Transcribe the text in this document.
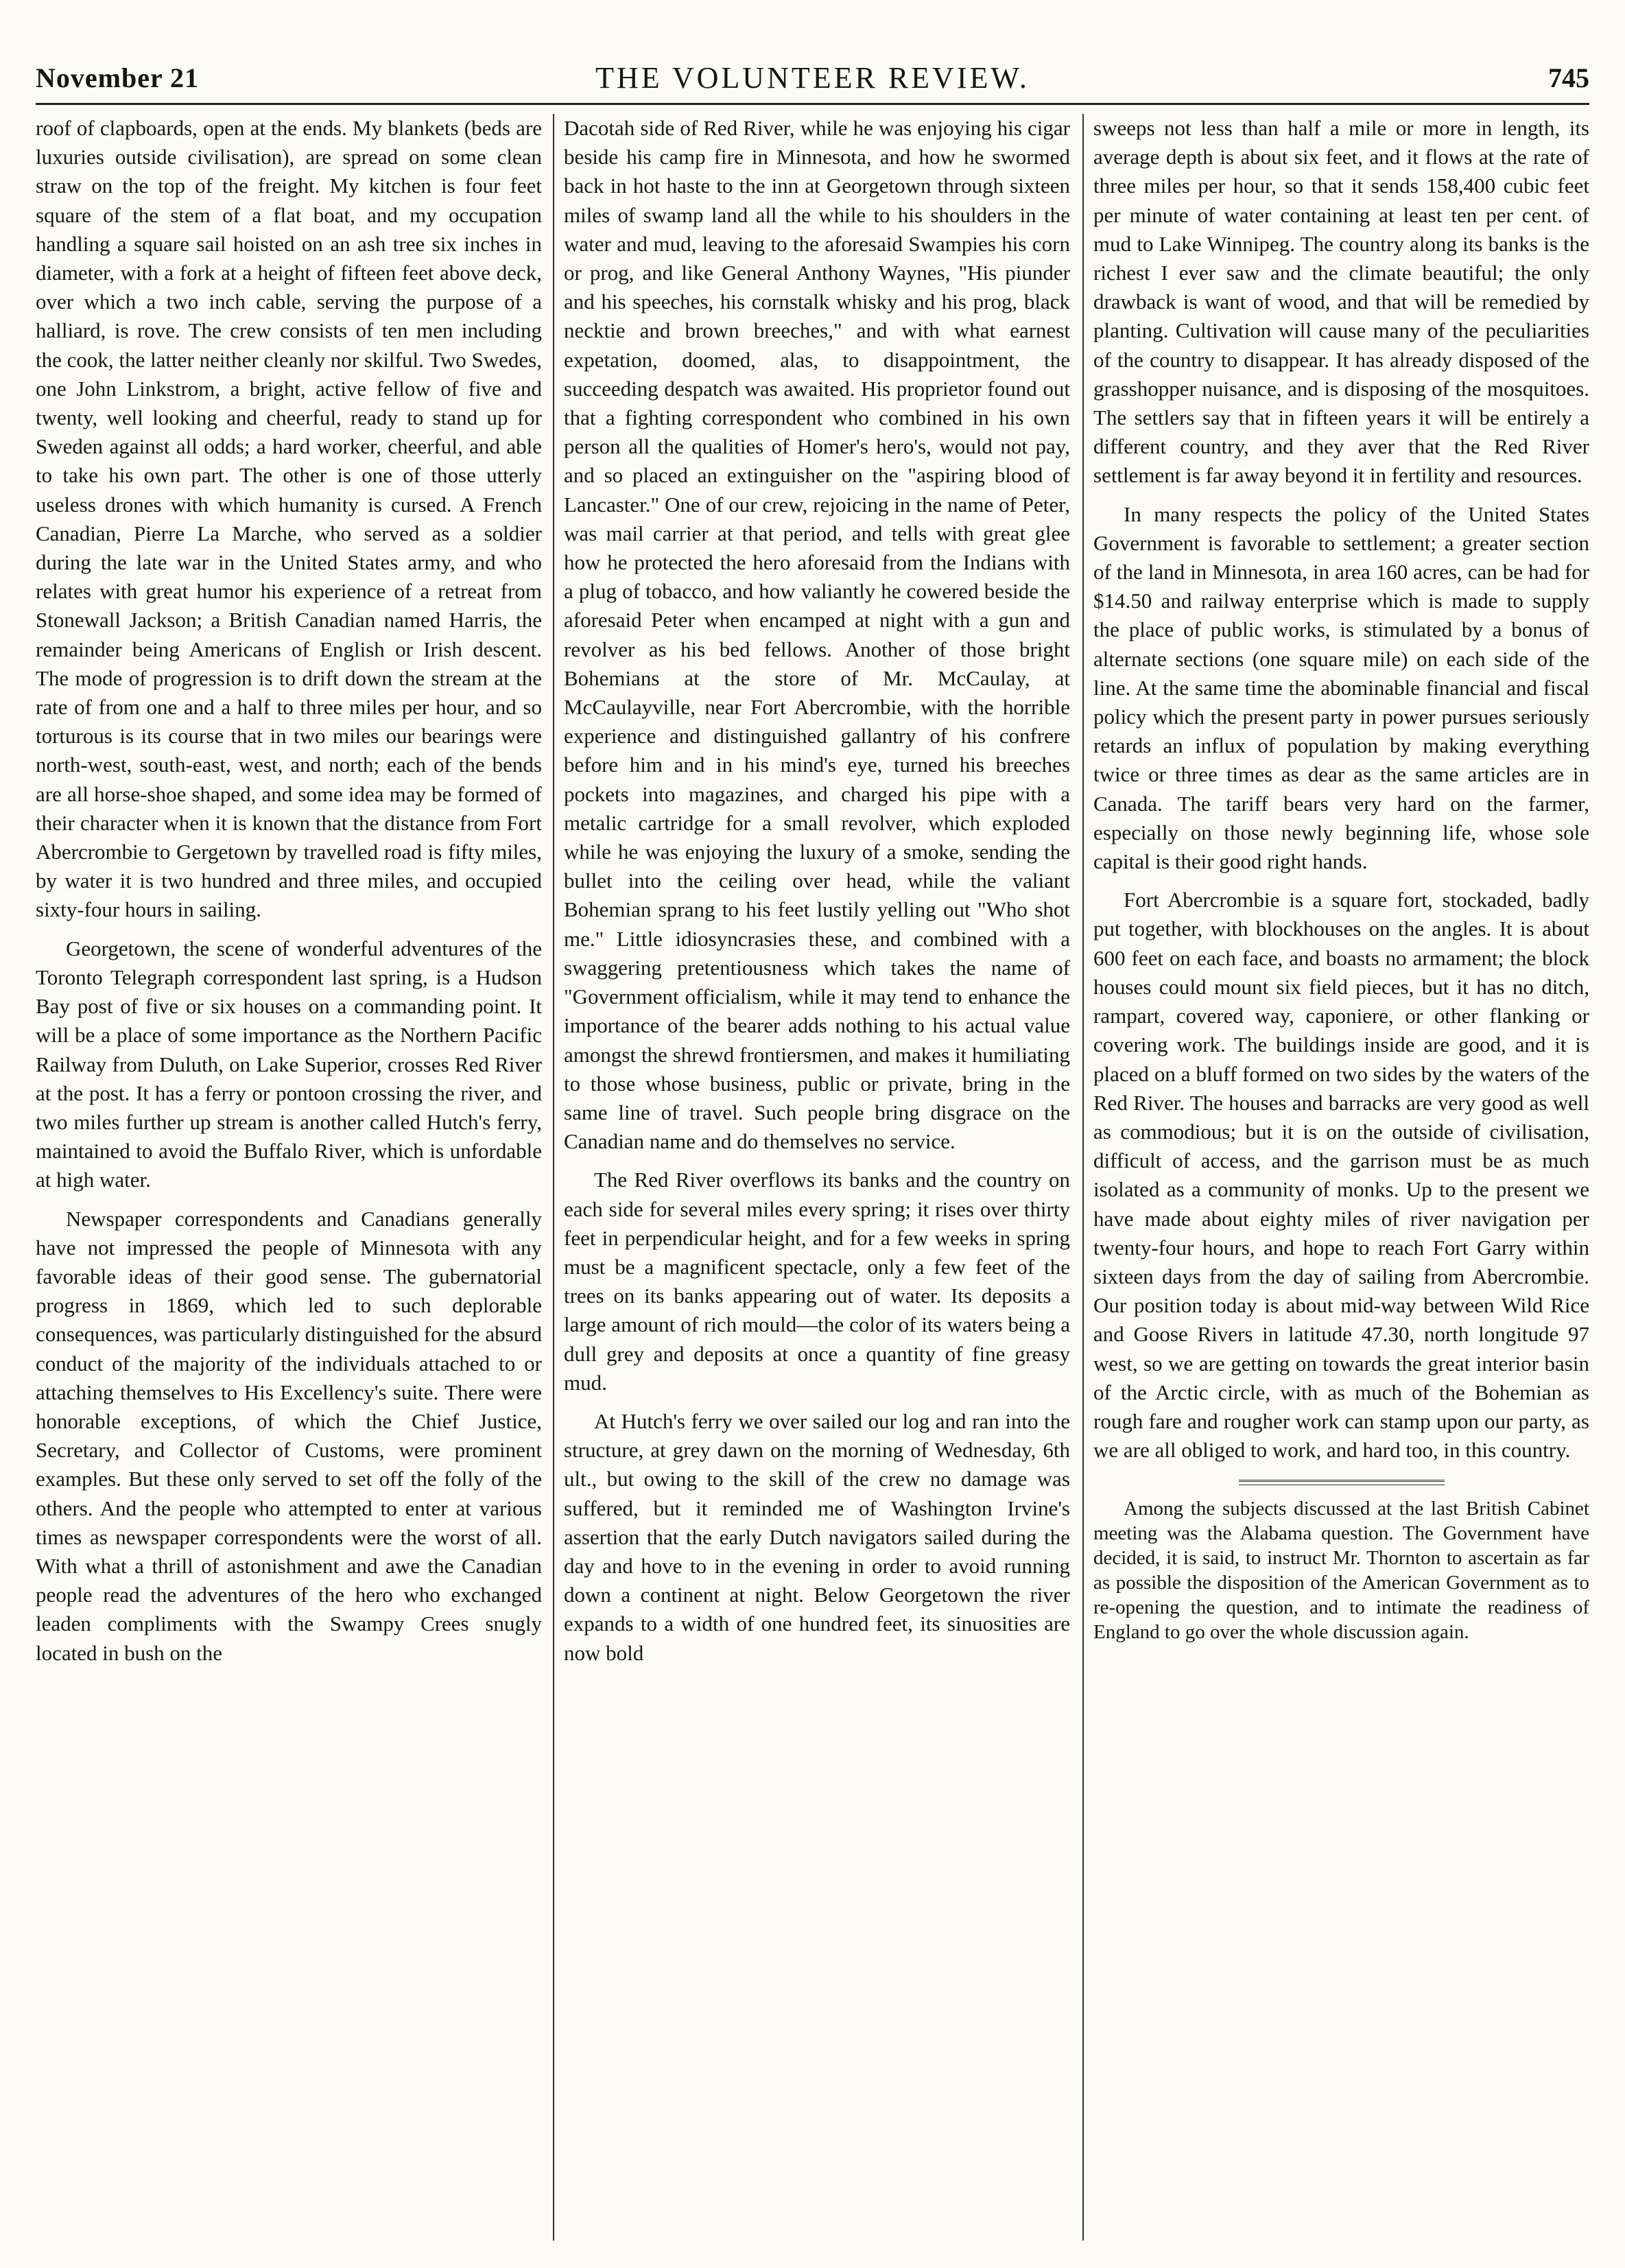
November 21	THE VOLUNTEER REVIEW.	745

roof of clapboards, open at the ends. My blankets (beds are luxuries outside civilisation), are spread on some clean straw on the top of the freight. My kitchen is four feet square of the stem of a flat boat, and my occupation handling a square sail hoisted on an ash tree six inches in diameter, with a fork at a height of fifteen feet above deck, over which a two inch cable, serving the purpose of a halliard, is rove. The crew consists of ten men including the cook, the latter neither cleanly nor skilful. Two Swedes, one John Linkstrom, a bright, active fellow of five and twenty, well looking and cheerful, ready to stand up for Sweden against all odds; a hard worker, cheerful, and able to take his own part. The other is one of those utterly useless drones with which humanity is cursed. A French Canadian, Pierre La Marche, who served as a soldier during the late war in the United States army, and who relates with great humor his experience of a retreat from Stonewall Jackson; a British Canadian named Harris, the remainder being Americans of English or Irish descent. The mode of progression is to drift down the stream at the rate of from one and a half to three miles per hour, and so torturous is its course that in two miles our bearings were north-west, south-east, west, and north; each of the bends are all horse-shoe shaped, and some idea may be formed of their character when it is known that the distance from Fort Abercrombie to Gergetown by travelled road is fifty miles, by water it is two hundred and three miles, and occupied sixty-four hours in sailing.

Georgetown, the scene of wonderful adventures of the Toronto Telegraph correspondent last spring, is a Hudson Bay post of five or six houses on a commanding point. It will be a place of some importance as the Northern Pacific Railway from Duluth, on Lake Superior, crosses Red River at the post. It has a ferry or pontoon crossing the river, and two miles further up stream is another called Hutch's ferry, maintained to avoid the Buffalo River, which is unfordable at high water.

Newspaper correspondents and Canadians generally have not impressed the people of Minnesota with any favorable ideas of their good sense. The gubernatorial progress in 1869, which led to such deplorable consequences, was particularly distinguished for the absurd conduct of the majority of the individuals attached to or attaching themselves to His Excellency's suite. There were honorable exceptions, of which the Chief Justice, Secretary, and Collector of Customs, were prominent examples. But these only served to set off the folly of the others. And the people who attempted to enter at various times as newspaper correspondents were the worst of all. With what a thrill of astonishment and awe the Canadian people read the adventures of the hero who exchanged leaden compliments with the Swampy Crees snugly located in bush on the

Dacotah side of Red River, while he was enjoying his cigar beside his camp fire in Minnesota, and how he swormed back in hot haste to the inn at Georgetown through sixteen miles of swamp land all the while to his shoulders in the water and mud, leaving to the aforesaid Swampies his corn or prog, and like General Anthony Waynes, "His piunder and his speeches, his cornstalk whisky and his prog, black necktie and brown breeches," and with what earnest expetation, doomed, alas, to disappointment, the succeeding despatch was awaited. His proprietor found out that a fighting correspondent who combined in his own person all the qualities of Homer's hero's, would not pay, and so placed an extinguisher on the "aspiring blood of Lancaster." One of our crew, rejoicing in the name of Peter, was mail carrier at that period, and tells with great glee how he protected the hero aforesaid from the Indians with a plug of tobacco, and how valiantly he cowered beside the aforesaid Peter when encamped at night with a gun and revolver as his bed fellows. Another of those bright Bohemians at the store of Mr. McCaulay, at McCaulayville, near Fort Abercrombie, with the horrible experience and distinguished gallantry of his confrere before him and in his mind's eye, turned his breeches pockets into magazines, and charged his pipe with a metalic cartridge for a small revolver, which exploded while he was enjoying the luxury of a smoke, sending the bullet into the ceiling over head, while the valiant Bohemian sprang to his feet lustily yelling out "Who shot me." Little idiosyncrasies these, and combined with a swaggering pretentiousness which takes the name of "Government officialism, while it may tend to enhance the importance of the bearer adds nothing to his actual value amongst the shrewd frontiersmen, and makes it humiliating to those whose business, public or private, bring in the same line of travel. Such people bring disgrace on the Canadian name and do themselves no service.

The Red River overflows its banks and the country on each side for several miles every spring; it rises over thirty feet in perpendicular height, and for a few weeks in spring must be a magnificent spectacle, only a few feet of the trees on its banks appearing out of water. Its deposits a large amount of rich mould—the color of its waters being a dull grey and deposits at once a quantity of fine greasy mud.

At Hutch's ferry we over sailed our log and ran into the structure, at grey dawn on the morning of Wednesday, 6th ult., but owing to the skill of the crew no damage was suffered, but it reminded me of Washington Irvine's assertion that the early Dutch navigators sailed during the day and hove to in the evening in order to avoid running down a continent at night. Below Georgetown the river expands to a width of one hundred feet, its sinuosities are now bold

sweeps not less than half a mile or more in length, its average depth is about six feet, and it flows at the rate of three miles per hour, so that it sends 158,400 cubic feet per minute of water containing at least ten per cent. of mud to Lake Winnipeg. The country along its banks is the richest I ever saw and the climate beautiful; the only drawback is want of wood, and that will be remedied by planting. Cultivation will cause many of the peculiarities of the country to disappear. It has already disposed of the grasshopper nuisance, and is disposing of the mosquitoes. The settlers say that in fifteen years it will be entirely a different country, and they aver that the Red River settlement is far away beyond it in fertility and resources.

In many respects the policy of the United States Government is favorable to settlement; a greater section of the land in Minnesota, in area 160 acres, can be had for $14.50 and railway enterprise which is made to supply the place of public works, is stimulated by a bonus of alternate sections (one square mile) on each side of the line. At the same time the abominable financial and fiscal policy which the present party in power pursues seriously retards an influx of population by making everything twice or three times as dear as the same articles are in Canada. The tariff bears very hard on the farmer, especially on those newly beginning life, whose sole capital is their good right hands.

Fort Abercrombie is a square fort, stockaded, badly put together, with blockhouses on the angles. It is about 600 feet on each face, and boasts no armament; the block houses could mount six field pieces, but it has no ditch, rampart, covered way, caponiere, or other flanking or covering work. The buildings inside are good, and it is placed on a bluff formed on two sides by the waters of the Red River. The houses and barracks are very good as well as commodious; but it is on the outside of civilisation, difficult of access, and the garrison must be as much isolated as a community of monks. Up to the present we have made about eighty miles of river navigation per twenty-four hours, and hope to reach Fort Garry within sixteen days from the day of sailing from Abercrombie. Our position today is about mid-way between Wild Rice and Goose Rivers in latitude 47.30, north longitude 97 west, so we are getting on towards the great interior basin of the Arctic circle, with as much of the Bohemian as rough fare and rougher work can stamp upon our party, as we are all obliged to work, and hard too, in this country.

Among the subjects discussed at the last British Cabinet meeting was the Alabama question. The Government have decided, it is said, to instruct Mr. Thornton to ascertain as far as possible the disposition of the American Government as to re-opening the question, and to intimate the readiness of England to go over the whole discussion again.
